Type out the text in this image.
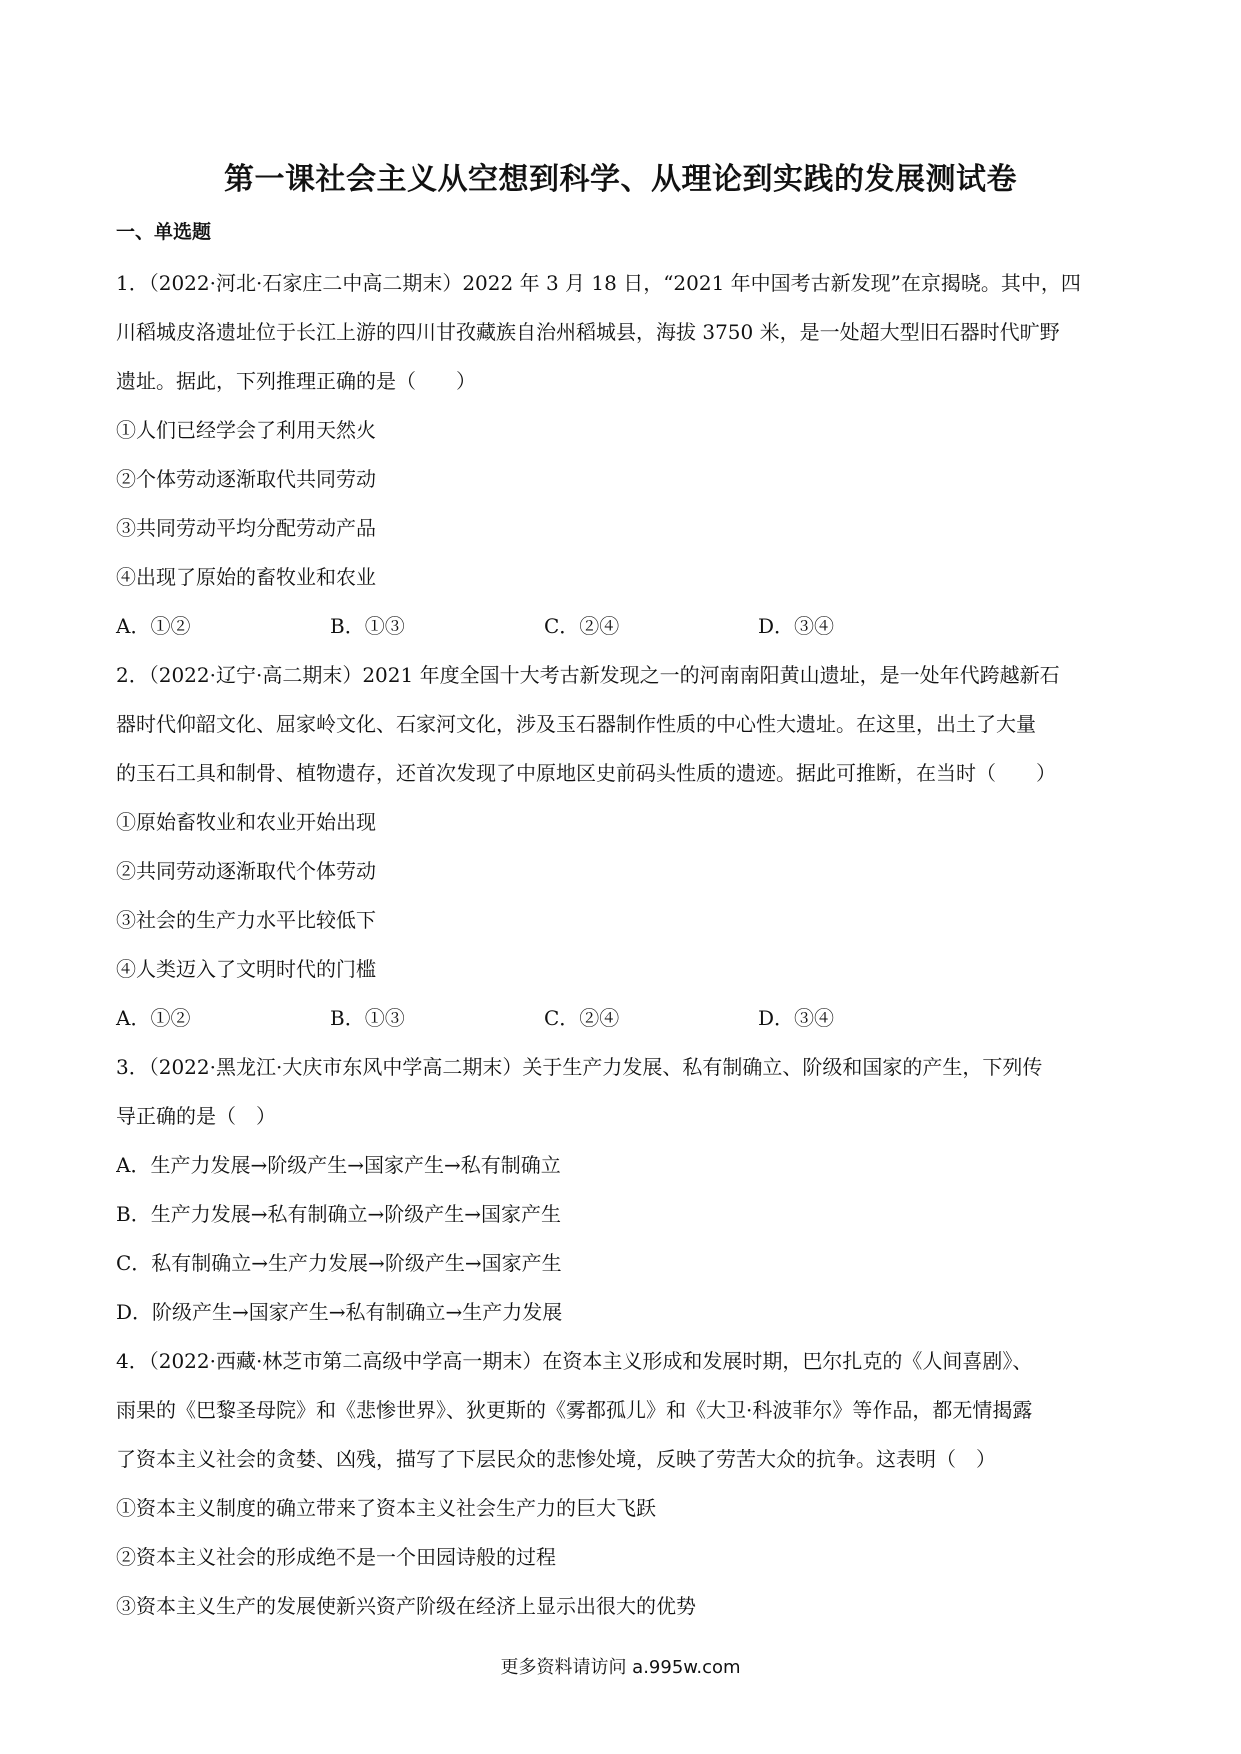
第一课社会主义从空想到科学、从理论到实践的发展测试卷
一、单选题
1．（2022·河北·石家庄二中高二期末）2022 年 3 月 18 日，“2021 年中国考古新发现”在京揭晓。其中，四
川稻城皮洛遗址位于长江上游的四川甘孜藏族自治州稻城县，海拔 3750 米，是一处超大型旧石器时代旷野
遗址。据此，下列推理正确的是（　　）
①人们已经学会了利用天然火
②个体劳动逐渐取代共同劳动
③共同劳动平均分配劳动产品
④出现了原始的畜牧业和农业
A．①②	B．①③	C．②④	D．③④
2．（2022·辽宁·高二期末）2021 年度全国十大考古新发现之一的河南南阳黄山遗址，是一处年代跨越新石
器时代仰韶文化、屈家岭文化、石家河文化，涉及玉石器制作性质的中心性大遗址。在这里，出土了大量
的玉石工具和制骨、植物遗存，还首次发现了中原地区史前码头性质的遗迹。据此可推断，在当时（　　）
①原始畜牧业和农业开始出现
②共同劳动逐渐取代个体劳动
③社会的生产力水平比较低下
④人类迈入了文明时代的门槛
A．①②	B．①③	C．②④	D．③④
3．（2022·黑龙江·大庆市东风中学高二期末）关于生产力发展、私有制确立、阶级和国家的产生，下列传
导正确的是（　）
A．生产力发展→阶级产生→国家产生→私有制确立
B．生产力发展→私有制确立→阶级产生→国家产生
C．私有制确立→生产力发展→阶级产生→国家产生
D．阶级产生→国家产生→私有制确立→生产力发展
4．（2022·西藏·林芝市第二高级中学高一期末）在资本主义形成和发展时期，巴尔扎克的《人间喜剧》、
雨果的《巴黎圣母院》和《悲惨世界》、狄更斯的《雾都孤儿》和《大卫·科波菲尔》等作品，都无情揭露
了资本主义社会的贪婪、凶残，描写了下层民众的悲惨处境，反映了劳苦大众的抗争。这表明（　）
①资本主义制度的确立带来了资本主义社会生产力的巨大飞跃
②资本主义社会的形成绝不是一个田园诗般的过程
③资本主义生产的发展使新兴资产阶级在经济上显示出很大的优势
更多资料请访问 a.995w.com
